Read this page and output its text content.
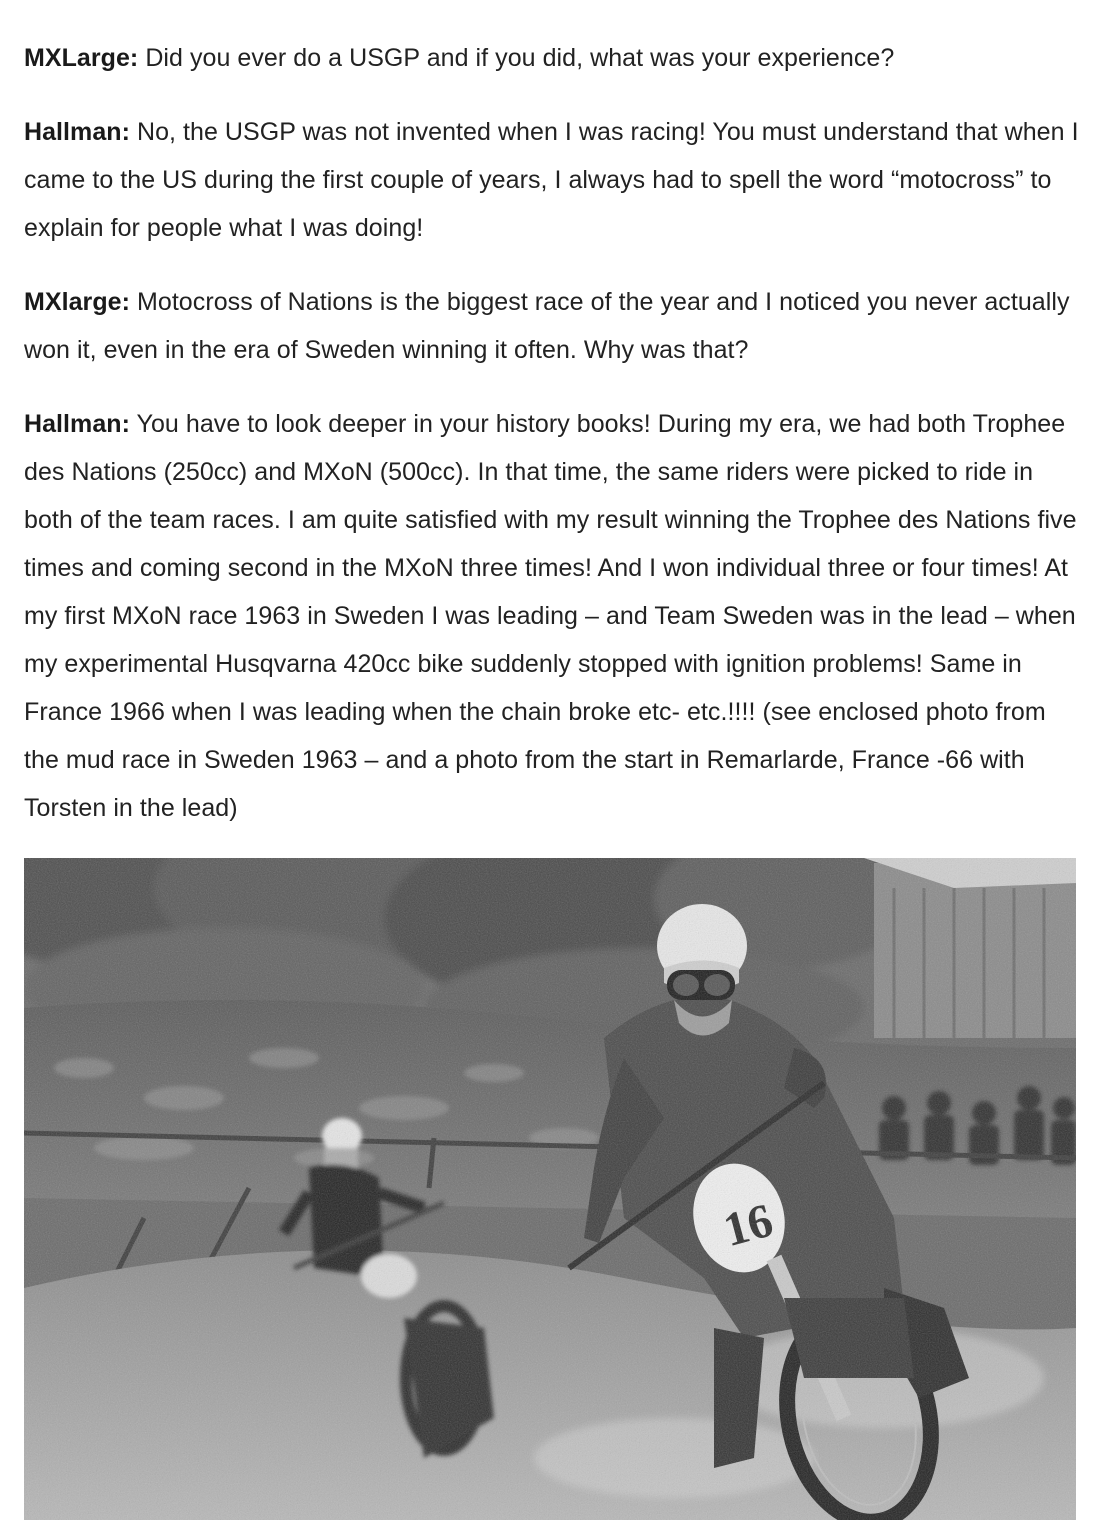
MXLarge: Did you ever do a USGP and if you did, what was your experience?

Hallman: No, the USGP was not invented when I was racing! You must understand that when I came to the US during the first couple of years, I always had to spell the word “motocross” to explain for people what I was doing!

MXlarge: Motocross of Nations is the biggest race of the year and I noticed you never actually won it, even in the era of Sweden winning it often. Why was that?

Hallman: You have to look deeper in your history books! During my era, we had both Trophee des Nations (250cc) and MXoN (500cc). In that time, the same riders were picked to ride in both of the team races. I am quite satisfied with my result winning the Trophee des Nations five times and coming second in the MXoN three times! And I won individual three or four times! At my first MXoN race 1963 in Sweden I was leading – and Team Sweden was in the lead – when my experimental Husqvarna 420cc bike suddenly stopped with ignition problems! Same in France 1966 when I was leading when the chain broke etc- etc.!!!! (see enclosed photo from the mud race in Sweden 1963 – and a photo from the start in Remarlarde, France -66 with Torsten in the lead)
